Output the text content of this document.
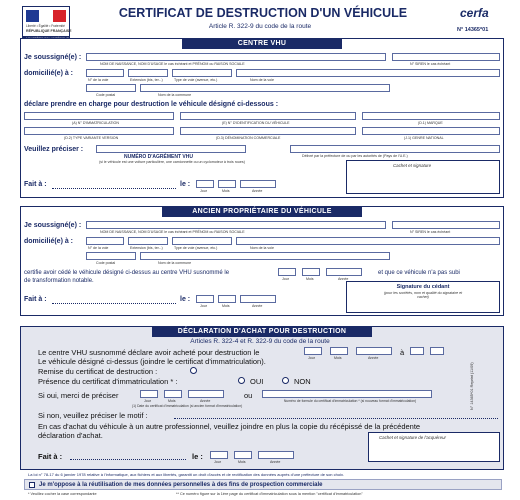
Liberté • Égalité • Fraternité
RÉPUBLIQUE FRANÇAISE
CERTIFICAT DE DESTRUCTION D'UN VÉHICULE
Article R. 322-9 du code de la route
cerfa
N° 14365*01
CENTRE VHU
Je soussigné(e) :
NOM DE NAISSANCE, NOM D'USAGE le cas échéant et PRÉNOM ou RAISON SOCIALE	N° SIREN le cas échéant
domicilié(e) à :
N° de la voie	Extension (bis, ter...)	Type de voie (avenue, etc.)	Nom de la voie
Code postal	Nom de la commune
déclare prendre en charge pour destruction le véhicule désigné ci-dessous :
(A) N° D'IMMATRICULATION	(E) N° D'IDENTIFICATION DU VÉHICULE	(D.1) MARQUE
(D.2) TYPE VARIANTE VERSION	(D.3) DÉNOMINATION COMMERCIALE	(J.1) GENRE NATIONAL
Veuillez préciser :
NUMÉRO D'AGRÉMENT VHU
(si le véhicule est une voiture particulière, une camionnette ou un cyclomoteur à trois roues)
Délivré par la préfecture de ou par les autorités de (Pays de l'U.E.)
Cachet et signature
Fait à :	le :
Jour	Mois	Année
ANCIEN PROPRIÉTAIRE DU VÉHICULE
Je soussigné(e) :
NOM DE NAISSANCE, NOM D'USAGE le cas échéant et PRÉNOM ou RAISON SOCIALE	N° SIREN le cas échéant
domicilié(e) à :
N° de la voie	Extension (bis, ter...)	Type de voie (avenue, etc.)	Nom de la voie
Code postal	Nom de la commune
certifie avoir cédé le véhicule désigné ci-dessus au centre VHU susnommé le
de transformation notable.	Jour	Mois	Année
et que ce véhicule n'a pas subi
Fait à :	le :
Jour	Mois	Année
Signature du cédant
(pour les sociétés, nom et qualité du signataire et cachet)
DÉCLARATION D'ACHAT POUR DESTRUCTION
Articles R. 322-4 et R. 322-9 du code de la route
Le centre VHU susnommé déclare avoir acheté pour destruction le
Jour	Mois	Année
à
Le véhicule désigné ci-dessus (joindre le certificat d'immatriculation).
Remise du certificat de destruction :
Présence du certificat d'immatriculation * :	OUI	NON
Si oui, merci de préciser
Jour	Mois	Année
(1) Date du certificat d'immatriculation (si ancien format d'immatriculation)
ou
Numéro de formule du certificat d'immatriculation * (si nouveau format d'immatriculation)
Si non, veuillez préciser le motif :
En cas d'achat du véhicule à un autre professionnel, veuillez joindre en plus la copie du récépissé de la précédente
déclaration d'achat.	Cachet et signature de l'acquéreur
Fait à :	le :
Jour	Mois	Année
La loi n° 78-17 du 6 janvier 1978 relative à l'informatique, aux fichiers et aux libertés, garantit un droit d'accès et de rectification des données auprès d'une préfecture de son choix.
Je m'oppose à la réutilisation de mes données personnelles à des fins de prospection commerciale
* Veuillez cocher la case correspondante	** Ce numéro figure sur la 1ère page du certificat d'immatriculation sous la mention "certificat d'immatriculation"
N° 14365*01 Reprint (11/09)
